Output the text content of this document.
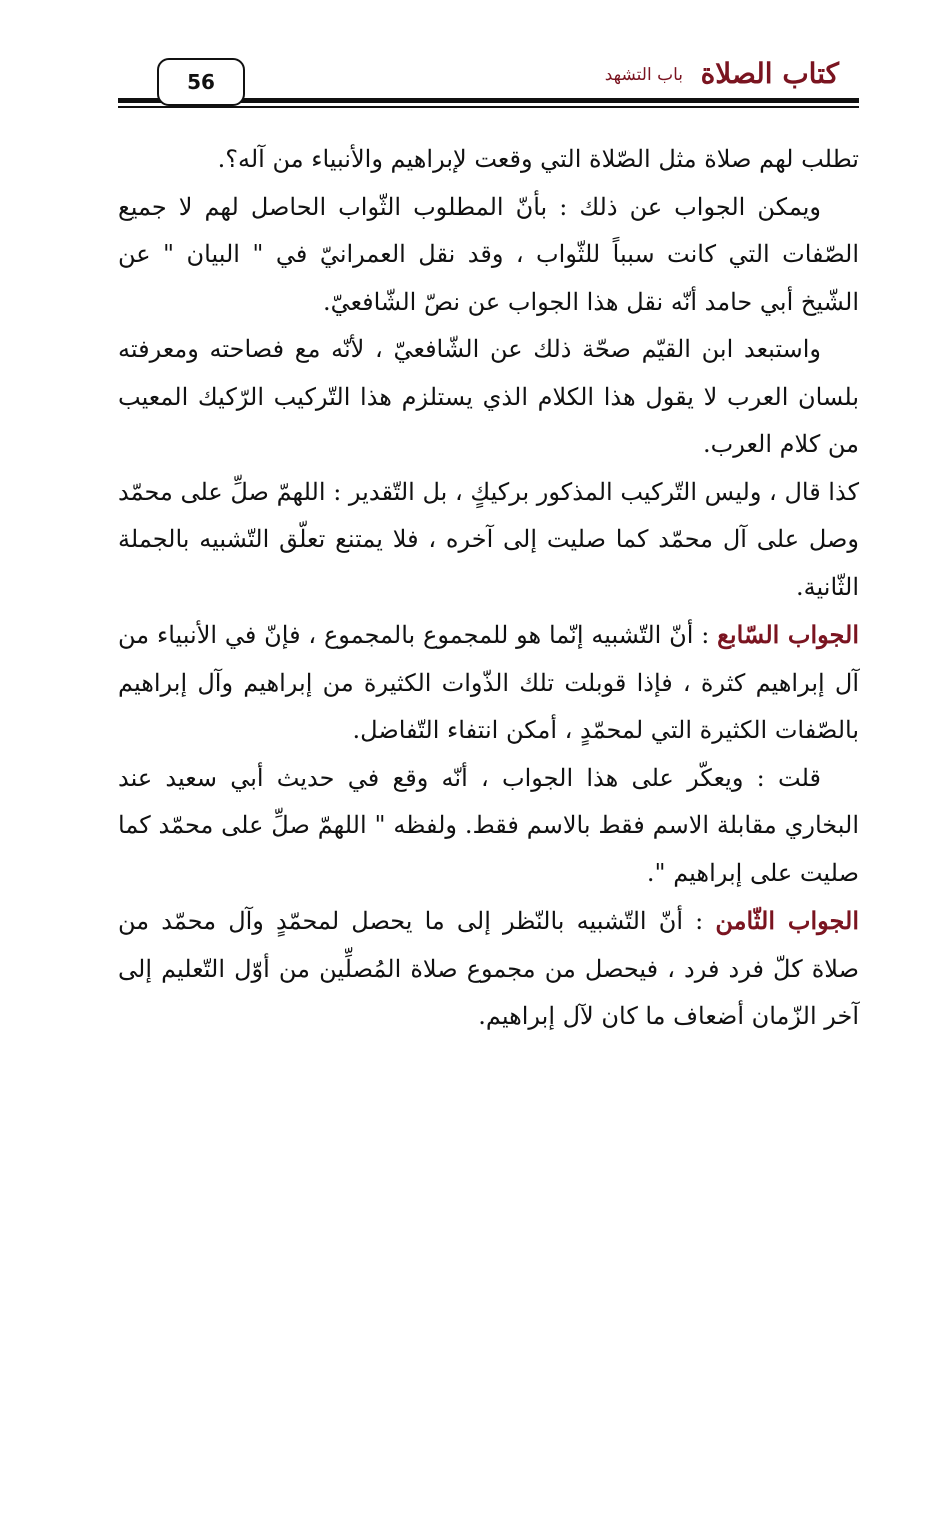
كتاب الصلاة
باب التشهد
56

تطلب لهم صلاة مثل الصّلاة التي وقعت لإبراهيم والأنبياء من آله؟.

ويمكن الجواب عن ذلك : بأنّ المطلوب الثّواب الحاصل لهم لا جميع الصّفات التي كانت سبباً للثّواب ، وقد نقل العمرانيّ في " البيان " عن الشّيخ أبي حامد أنّه نقل هذا الجواب عن نصّ الشّافعيّ.

واستبعد ابن القيّم صحّة ذلك عن الشّافعيّ ، لأنّه مع فصاحته ومعرفته بلسان العرب لا يقول هذا الكلام الذي يستلزم هذا التّركيب الرّكيك المعيب من كلام العرب.

كذا قال ، وليس التّركيب المذكور بركيكٍ ، بل التّقدير : اللهمّ صلِّ على محمّد وصل على آل محمّد كما صليت إلى آخره ، فلا يمتنع تعلّق التّشبيه بالجملة الثّانية.

الجواب السّابع : أنّ التّشبيه إنّما هو للمجموع بالمجموع ، فإنّ في الأنبياء من آل إبراهيم كثرة ، فإذا قوبلت تلك الذّوات الكثيرة من إبراهيم وآل إبراهيم بالصّفات الكثيرة التي لمحمّدٍ ، أمكن انتفاء التّفاضل.

قلت : ويعكّر على هذا الجواب ، أنّه وقع في حديث أبي سعيد عند البخاري مقابلة الاسم فقط بالاسم فقط. ولفظه " اللهمّ صلِّ على محمّد كما صليت على إبراهيم ".

الجواب الثّامن : أنّ التّشبيه بالنّظر إلى ما يحصل لمحمّدٍ وآل محمّد من صلاة كلّ فرد فرد ، فيحصل من مجموع صلاة المُصلِّين من أوّل التّعليم إلى آخر الزّمان أضعاف ما كان لآل إبراهيم.
